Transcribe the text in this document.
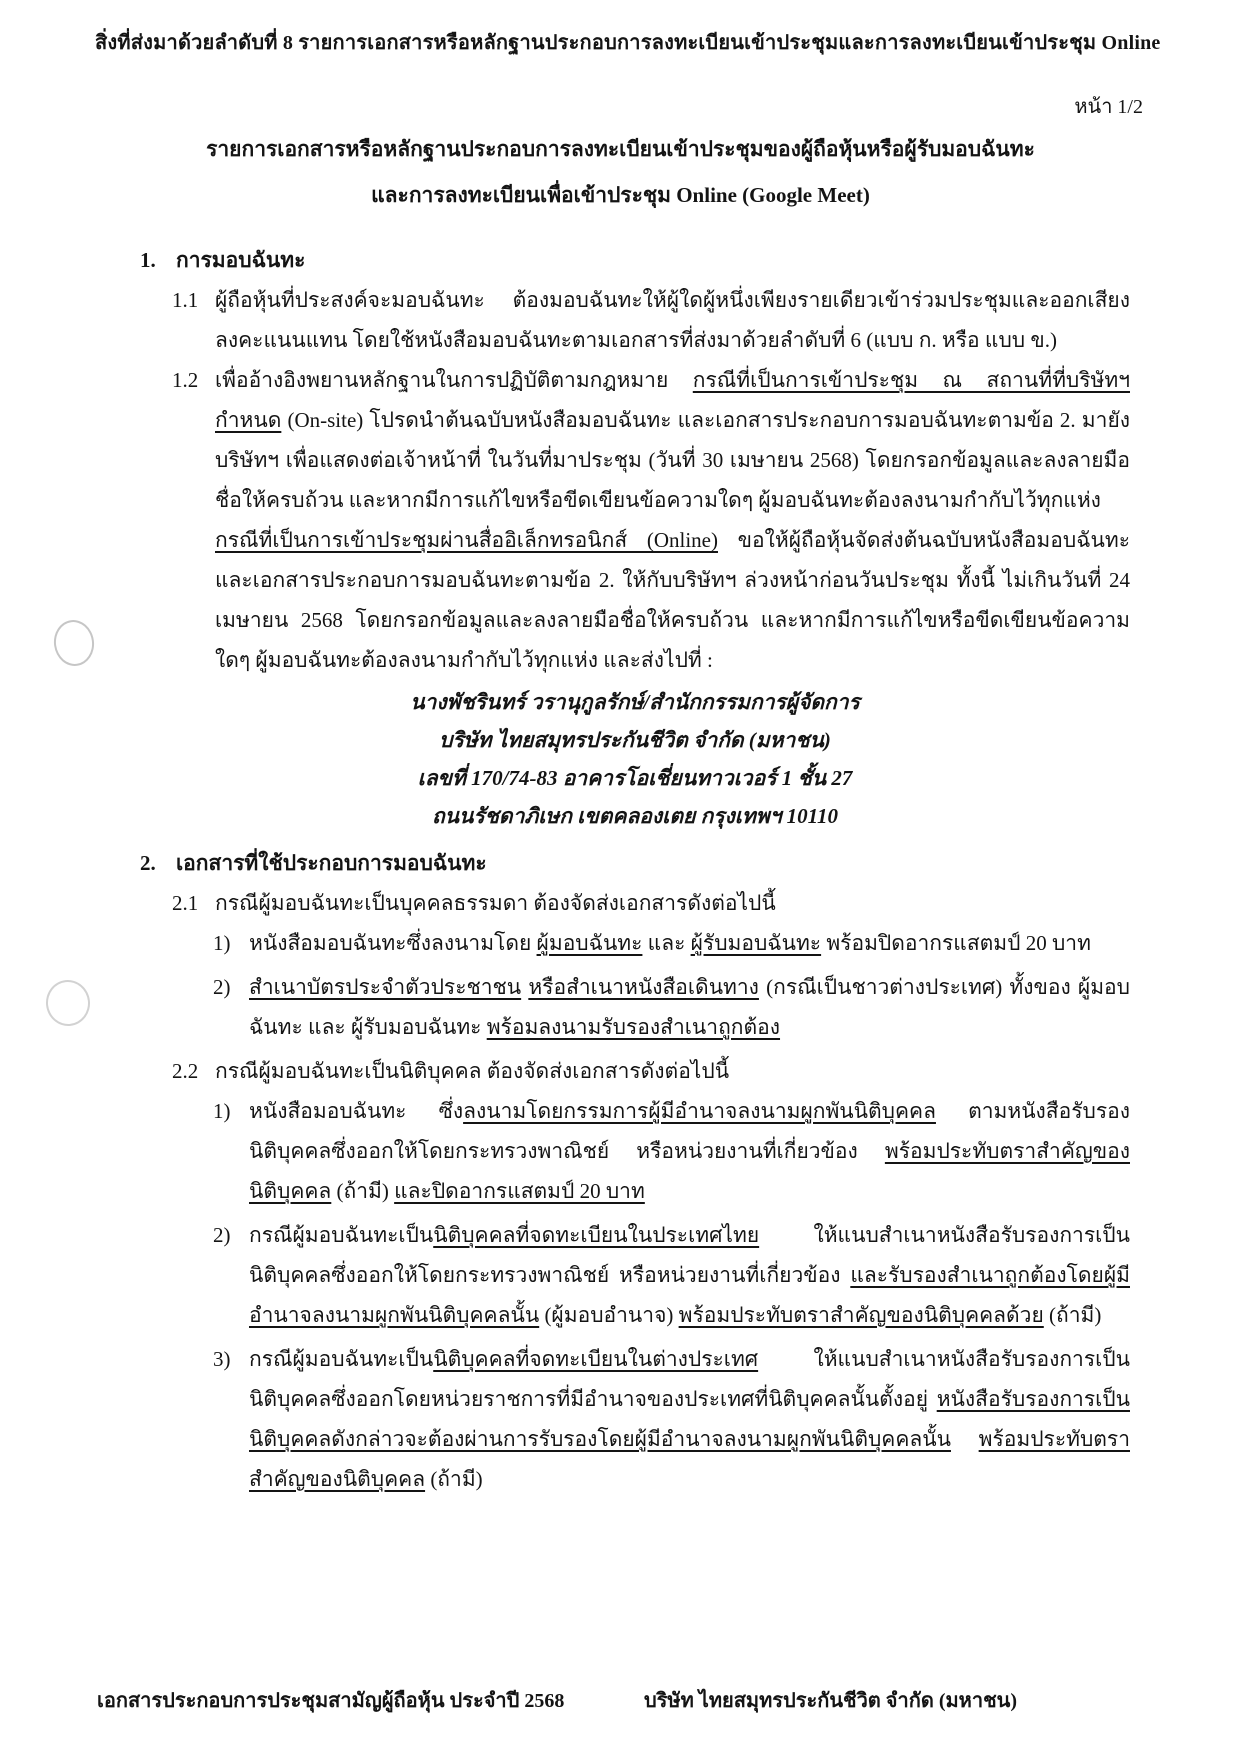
สิ่งที่ส่งมาด้วยลำดับที่ 8 รายการเอกสารหรือหลักฐานประกอบการลงทะเบียนเข้าประชุมและการลงทะเบียนเข้าประชุม Online
หน้า 1/2
รายการเอกสารหรือหลักฐานประกอบการลงทะเบียนเข้าประชุมของผู้ถือหุ้นหรือผู้รับมอบฉันทะ
และการลงทะเบียนเพื่อเข้าประชุม Online (Google Meet)
1. การมอบฉันทะ
1.1 ผู้ถือหุ้นที่ประสงค์จะมอบฉันทะ ต้องมอบฉันทะให้ผู้ใดผู้หนึ่งเพียงรายเดียวเข้าร่วมประชุมและออกเสียงลงคะแนนแทน โดยใช้หนังสือมอบฉันทะตามเอกสารที่ส่งมาด้วยลำดับที่ 6 (แบบ ก. หรือ แบบ ข.)
1.2 เพื่ออ้างอิงพยานหลักฐานในการปฏิบัติตามกฎหมาย กรณีที่เป็นการเข้าประชุม ณ สถานที่ที่บริษัทฯ กำหนด (On-site) โปรดนำต้นฉบับหนังสือมอบฉันทะ และเอกสารประกอบการมอบฉันทะตามข้อ 2. มายังบริษัทฯ เพื่อแสดงต่อเจ้าหน้าที่ ในวันที่มาประชุม (วันที่ 30 เมษายน 2568) โดยกรอกข้อมูลและลงลายมือชื่อให้ครบถ้วน และหากมีการแก้ไขหรือขีดเขียนข้อความใดๆ ผู้มอบฉันทะต้องลงนามกำกับไว้ทุกแห่ง

กรณีที่เป็นการเข้าประชุมผ่านสื่ออิเล็กทรอนิกส์ (Online) ขอให้ผู้ถือหุ้นจัดส่งต้นฉบับหนังสือมอบฉันทะและเอกสารประกอบการมอบฉันทะตามข้อ 2. ให้กับบริษัทฯ ล่วงหน้าก่อนวันประชุม ทั้งนี้ ไม่เกินวันที่ 24 เมษายน 2568 โดยกรอกข้อมูลและลงลายมือชื่อให้ครบถ้วน และหากมีการแก้ไขหรือขีดเขียนข้อความใดๆ ผู้มอบฉันทะต้องลงนามกำกับไว้ทุกแห่ง และส่งไปที่ :

นางพัชรินทร์ วรานุกูลรักษ์/สำนักกรรมการผู้จัดการ
บริษัท ไทยสมุทรประกันชีวิต จำกัด (มหาชน)
เลขที่ 170/74-83 อาคารโอเชี่ยนทาวเวอร์ 1 ชั้น 27
ถนนรัชดาภิเษก เขตคลองเตย กรุงเทพฯ 10110
2. เอกสารที่ใช้ประกอบการมอบฉันทะ
2.1 กรณีผู้มอบฉันทะเป็นบุคคลธรรมดา ต้องจัดส่งเอกสารดังต่อไปนี้
1) หนังสือมอบฉันทะซึ่งลงนามโดย ผู้มอบฉันทะ และ ผู้รับมอบฉันทะ พร้อมปิดอากรแสตมป์ 20 บาท
2) สำเนาบัตรประจำตัวประชาชน หรือสำเนาหนังสือเดินทาง (กรณีเป็นชาวต่างประเทศ) ทั้งของ ผู้มอบฉันทะ และ ผู้รับมอบฉันทะ พร้อมลงนามรับรองสำเนาถูกต้อง
2.2 กรณีผู้มอบฉันทะเป็นนิติบุคคล ต้องจัดส่งเอกสารดังต่อไปนี้
1) หนังสือมอบฉันทะ ซึ่งลงนามโดยกรรมการผู้มีอำนาจลงนามผูกพันนิติบุคคล ตามหนังสือรับรองนิติบุคคลซึ่งออกให้โดยกระทรวงพาณิชย์ หรือหน่วยงานที่เกี่ยวข้อง พร้อมประทับตราสำคัญของนิติบุคคล (ถ้ามี) และปิดอากรแสตมป์ 20 บาท
2) กรณีผู้มอบฉันทะเป็นนิติบุคคลที่จดทะเบียนในประเทศไทย ให้แนบสำเนาหนังสือรับรองการเป็นนิติบุคคลซึ่งออกให้โดยกระทรวงพาณิชย์ หรือหน่วยงานที่เกี่ยวข้อง และรับรองสำเนาถูกต้องโดยผู้มีอำนาจลงนามผูกพันนิติบุคคลนั้น (ผู้มอบอำนาจ) พร้อมประทับตราสำคัญของนิติบุคคลด้วย (ถ้ามี)
3) กรณีผู้มอบฉันทะเป็นนิติบุคคลที่จดทะเบียนในต่างประเทศ ให้แนบสำเนาหนังสือรับรองการเป็นนิติบุคคลซึ่งออกโดยหน่วยราชการที่มีอำนาจของประเทศที่นิติบุคคลนั้นตั้งอยู่ หนังสือรับรองการเป็นนิติบุคคลดังกล่าวจะต้องผ่านการรับรองโดยผู้มีอำนาจลงนามผูกพันนิติบุคคลนั้น พร้อมประทับตราสำคัญของนิติบุคคล (ถ้ามี)
เอกสารประกอบการประชุมสามัญผู้ถือหุ้น ประจำปี 2568	บริษัท ไทยสมุทรประกันชีวิต จำกัด (มหาชน)
